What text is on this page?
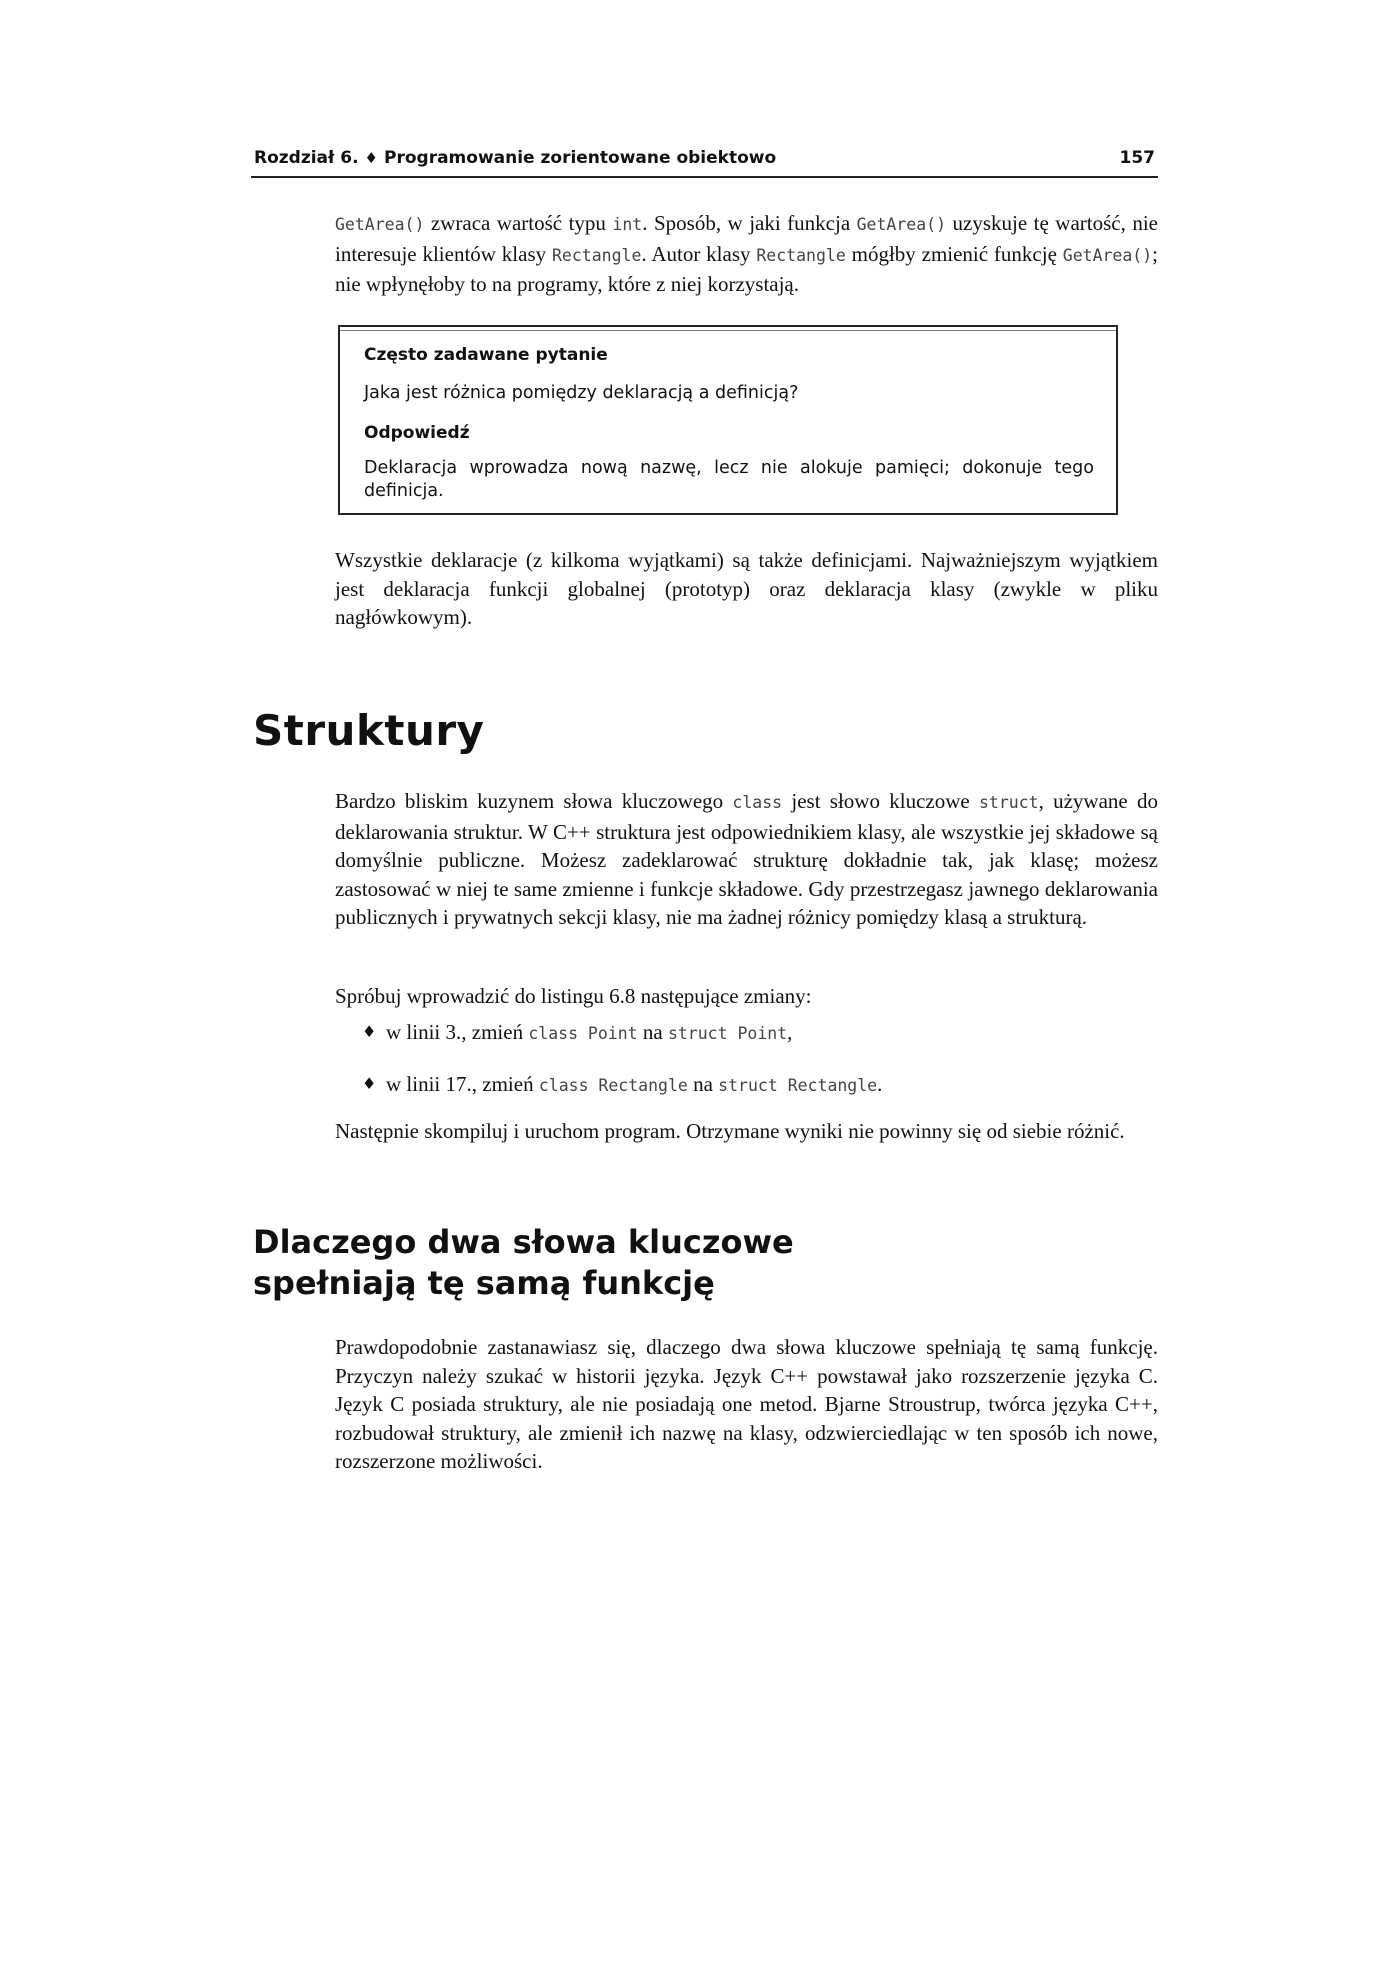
Rozdział 6. ♦ Programowanie zorientowane obiektowo	157

GetArea() zwraca wartość typu int. Sposób, w jaki funkcja GetArea() uzyskuje tę wartość, nie interesuje klientów klasy Rectangle. Autor klasy Rectangle mógłby zmienić funkcję GetArea(); nie wpłynęłoby to na programy, które z niej korzystają.

Często zadawane pytanie
Jaka jest różnica pomiędzy deklaracją a definicją?
Odpowiedź
Deklaracja wprowadza nową nazwę, lecz nie alokuje pamięci; dokonuje tego definicja.

Wszystkie deklaracje (z kilkoma wyjątkami) są także definicjami. Najważniejszym wyjątkiem jest deklaracja funkcji globalnej (prototyp) oraz deklaracja klasy (zwykle w pliku nagłówkowym).

Struktury

Bardzo bliskim kuzynem słowa kluczowego class jest słowo kluczowe struct, używane do deklarowania struktur. W C++ struktura jest odpowiednikiem klasy, ale wszystkie jej składowe są domyślnie publiczne. Możesz zadeklarować strukturę dokładnie tak, jak klasę; możesz zastosować w niej te same zmienne i funkcje składowe. Gdy przestrzegasz jawnego deklarowania publicznych i prywatnych sekcji klasy, nie ma żadnej różnicy pomiędzy klasą a strukturą.

Spróbuj wprowadzić do listingu 6.8 następujące zmiany:

♦ w linii 3., zmień class Point na struct Point,
♦ w linii 17., zmień class Rectangle na struct Rectangle.

Następnie skompiluj i uruchom program. Otrzymane wyniki nie powinny się od siebie różnić.

Dlaczego dwa słowa kluczowe
spełniają tę samą funkcję

Prawdopodobnie zastanawiasz się, dlaczego dwa słowa kluczowe spełniają tę samą funkcję. Przyczyn należy szukać w historii języka. Język C++ powstawał jako rozszerzenie języka C. Język C posiada struktury, ale nie posiadają one metod. Bjarne Stroustrup, twórca języka C++, rozbudował struktury, ale zmienił ich nazwę na klasy, odzwierciedlając w ten sposób ich nowe, rozszerzone możliwości.
